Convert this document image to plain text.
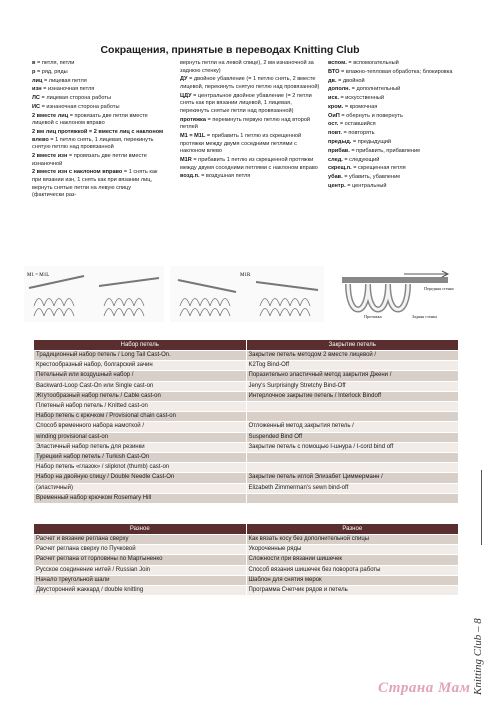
Сокращения, принятые в переводах Knitting Club
в = петля, петли
р = ряд, ряды
лиц = лицевая петля
изн = изнаночная петля
ЛС = лицевая сторона работы
ИС = изнаночная сторона работы
2 вместе лиц = провязать две петли вместе лицевой с наклоном вправо
2 вм лиц протяжкой = 2 вместе лиц с наклоном влево = 1 петлю снять, 1 лицевая, перекинуть снятую петлю над провязанной
2 вместе изн = провязать две петли вместе изнаночной
2 вместе изн с наклоном вправо = 1 снять как при вязании изн, 1 снять как при вязании лиц, вернуть снятые петли на левую спицу (фактически раз-
вернуть петли на левой спице), 2 вм изнаночной за заднюю стенку)
ДУ = двойное убавление (= 1 петлю снять, 2 вместе лицевой, перекинуть снятую петлю над провязанной)
ЦДУ = центральное двойное убавление (= 2 петли снять как при вязании лицевой, 1 лицевая, перекинуть снятые петли над провязанной)
протяжка = перекинуть первую петлю над второй петлей
М1 = М1L = прибавить 1 петлю из скрещенной протяжки между двумя соседними петлями с наклоном влево
М1R = прибавить 1 петлю из скрещенной протяжки между двумя соседними петлями с наклоном вправо
возд.п. = воздушная петля
вспом. = вспомогательный
ВТО = влажно-тепловая обработка; блокировка
дв. = двойной
дополн. = дополнительный
иск. = искусственный
кром. = кромочная
ОиП = обернуть и повернуть
ост. = оставшийся
повт. = повторять
предыд. = предыдущий
прибав. = прибавить, прибавление
след. = следующий
скрещ.п. = скрещенная петля
убав. = убавить, убавление
центр. = центральный
M1 = M1L	M1R
Передняя стенка
Протяжка	Задняя стенка
Набор петель	Закрытие петель
Традиционный набор петель / Long Tail Cast-On.	Закрытие петель методом 2 вместе лицевой /
Крестообразный набор, болгарский зачин	K2Tog Bind-Off
Петельный или воздушный набор /	Поразительно эластичный метод закрытия Джени /
Backward-Loop Cast-On или Single cast-on	Jeny's Surprisingly Stretchy Bind-Off
Жгутообразный набор петель / Cable cast-on	Интерлочное закрытие петель / Interlock Bindoff
Плетеный набор петель / Knitted cast-on	
Набор петель с крючком / Provisional chain cast-on	
Способ временного набора намоткой /	Отложенный метод закрытия петель /
winding provisional cast-on	Suspended Bind Off
Эластичный набор петель для резинки	Закрытие петель с помощью I-шнура / I-cord bind off
Турецкий набор петель / Turkish Cast-On	
Набор петель «глазок» / slipknot (thumb) cast-on	
Набор на двойную спицу / Double Needle Cast-On	Закрытие петель иглой Элизабет Циммерманн /
(эластичный)	Elizabeth Zimmerman's sewn bind-off
Временный набор крючком Rosemary Hill	
Разное	Разное
Расчет и вязание реглана сверху	Как вязать косу без дополнительной спицы
Расчет реглана сверху по Пучковой	Укороченные ряды
Расчет реглана от горловины по Мартыненко	Сложности при вязании шишечек
Русское соединение нитей / Russian Join	Способ вязания шишечек без поворота работы
Начало треугольной шали	Шаблон для снятия мерок
Двусторонний жаккард / double knitting	Программа Счетчик рядов и петель
Knitting Club – 8
Страна Мам
